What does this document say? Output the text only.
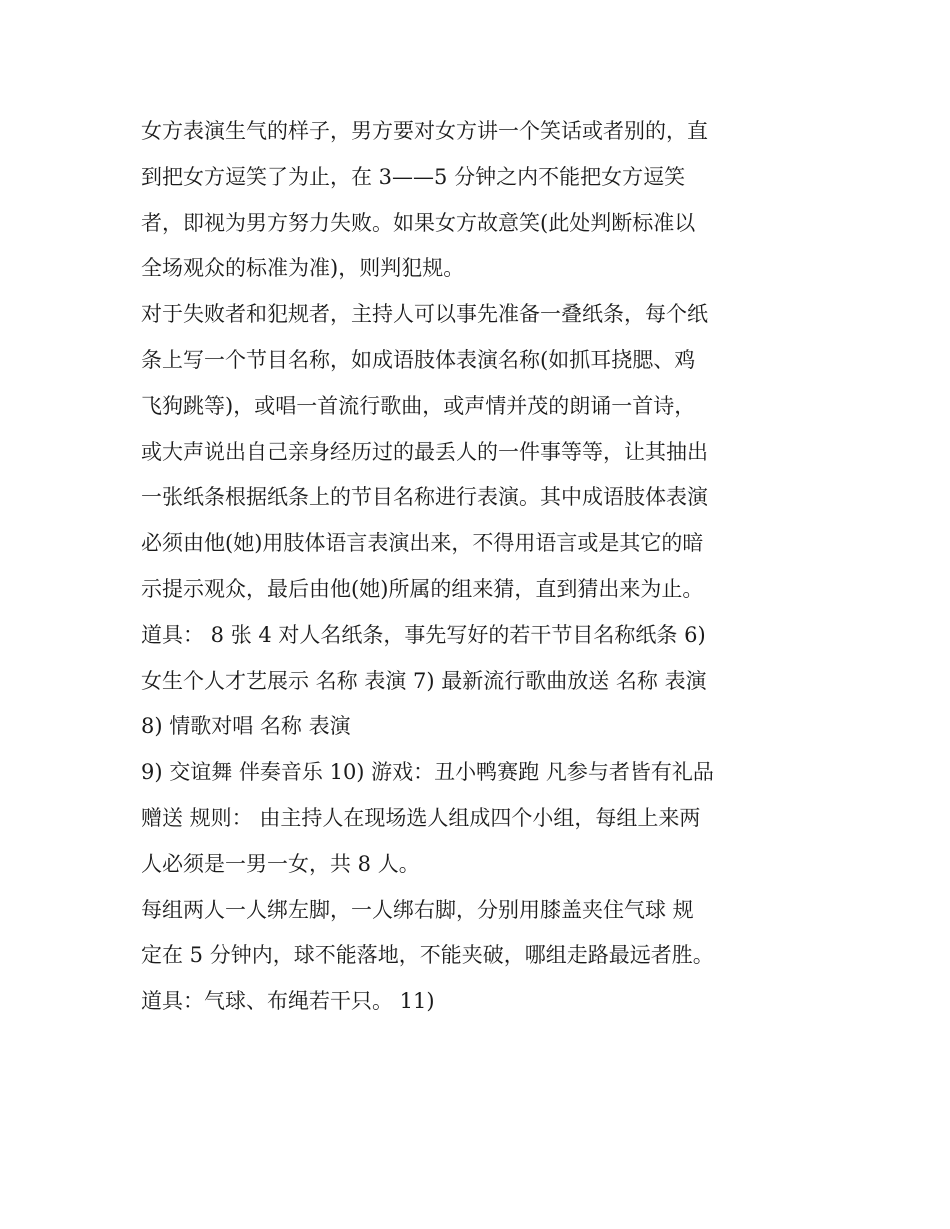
女方表演生气的样子，男方要对女方讲一个笑话或者别的，直
到把女方逗笑了为止，在 3——5 分钟之内不能把女方逗笑
者，即视为男方努力失败。如果女方故意笑(此处判断标准以
全场观众的标准为准)，则判犯规。
对于失败者和犯规者，主持人可以事先准备一叠纸条，每个纸
条上写一个节目名称，如成语肢体表演名称(如抓耳挠腮、鸡
飞狗跳等)，或唱一首流行歌曲，或声情并茂的朗诵一首诗，
或大声说出自己亲身经历过的最丢人的一件事等等，让其抽出
一张纸条根据纸条上的节目名称进行表演。其中成语肢体表演
必须由他(她)用肢体语言表演出来，不得用语言或是其它的暗
示提示观众，最后由他(她)所属的组来猜，直到猜出来为止。
道具： 8 张 4 对人名纸条，事先写好的若干节目名称纸条 6)
女生个人才艺展示 名称 表演 7) 最新流行歌曲放送 名称 表演
8) 情歌对唱 名称 表演
9) 交谊舞 伴奏音乐 10) 游戏：丑小鸭赛跑 凡参与者皆有礼品
赠送 规则： 由主持人在现场选人组成四个小组，每组上来两
人必须是一男一女，共 8 人。
每组两人一人绑左脚，一人绑右脚，分别用膝盖夹住气球 规
定在 5 分钟内，球不能落地，不能夹破，哪组走路最远者胜。
道具：气球、布绳若干只。 11)
